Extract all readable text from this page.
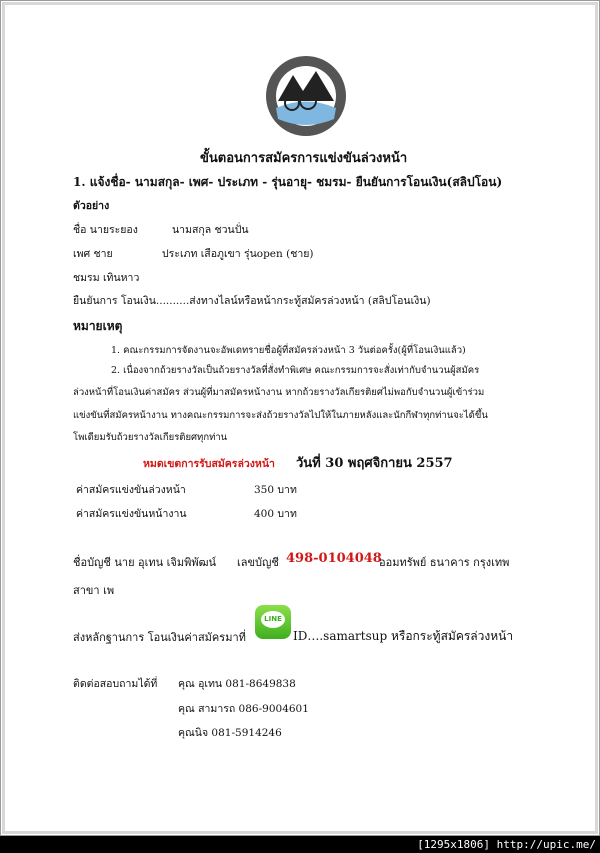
ขั้นตอนการสมัครการแข่งขันล่วงหน้า
1. แจ้งชื่อ- นามสกุล- เพศ- ประเภท - รุ่นอายุ- ชมรม- ยืนยันการโอนเงิน(สลิปโอน)
ตัวอย่าง
ชื่อ นายระยอง	นามสกุล ชวนปั่น
เพศ ชาย	ประเภท เสือภูเขา รุ่นopen (ชาย)
ชมรม เทินหาว
ยืนยันการ โอนเงิน..........ส่งทางไลน์หรือหน้ากระทู้สมัครล่วงหน้า (สลิปโอนเงิน)
หมายเหตุ
1. คณะกรรมการจัดงานจะอัพเดทรายชื่อผู้ที่สมัครล่วงหน้า 3 วันต่อครั้ง(ผู้ที่โอนเงินแล้ว)
2. เนื่องจากถ้วยรางวัลเป็นถ้วยรางวัลที่สั่งทำพิเศษ คณะกรรมการจะสั่งเท่ากับจำนวนผู้สมัคร
ล่วงหน้าที่โอนเงินค่าสมัคร ส่วนผู้ที่มาสมัครหน้างาน หากถ้วยรางวัลเกียรติยศไม่พอกับจำนวนผู้เข้าร่วม
แข่งขันที่สมัครหน้างาน ทางคณะกรรมการจะส่งถ้วยรางวัลไปให้ในภายหลังและนักกีฬาทุกท่านจะได้ขึ้น
โพเดียมรับถ้วยรางวัลเกียรติยศทุกท่าน
หมดเขตการรับสมัครล่วงหน้า วันที่ 30 พฤศจิกายน 2557
ค่าสมัครแข่งขันล่วงหน้า	350 บาท
ค่าสมัครแข่งขันหน้างาน	400 บาท
ชื่อบัญชี นาย อุเทน เจิมพิพัฒน์ เลขบัญชี 498-0104048
ออมทรัพย์ ธนาคาร กรุงเทพ
สาขา เพ
ส่งหลักฐานการ โอนเงินค่าสมัครมาที่
LINE
ID….samartsup หรือกระทู้สมัครล่วงหน้า
ติดต่อสอบถามได้ที่ คุณ อุเทน 081-8649838
คุณ สามารถ 086-9004601
คุณนิจ 081-5914246
[1295x1806] http://upic.me/
